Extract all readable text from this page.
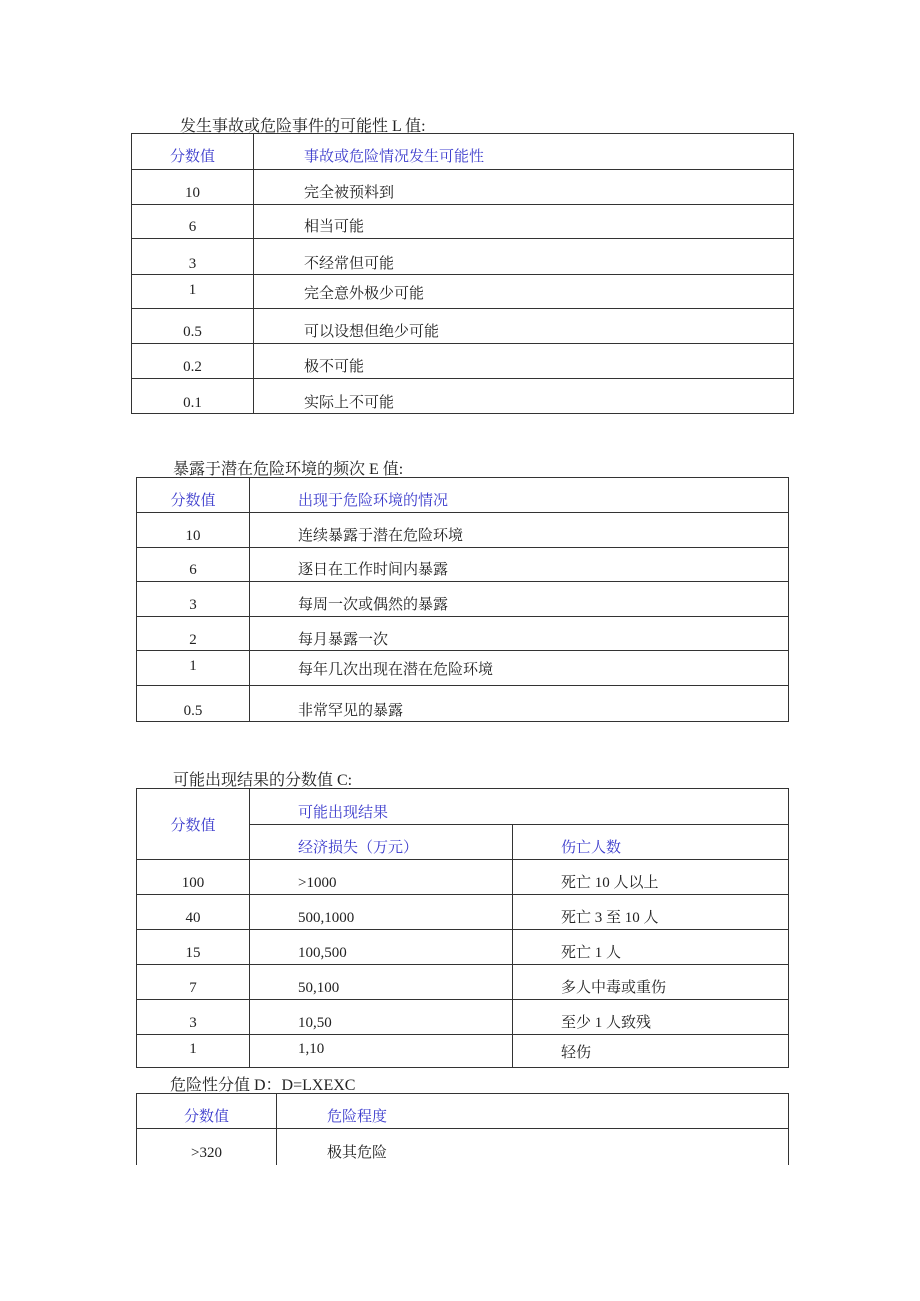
发生事故或危险事件的可能性 L 值:
分数值	事故或危险情况发生可能性
10	完全被预料到
6	相当可能
3	不经常但可能
1	完全意外极少可能
0.5	可以设想但绝少可能
0.2	极不可能
0.1	实际上不可能
暴露于潜在危险环境的频次 E 值:
分数值	出现于危险环境的情况
10	连续暴露于潜在危险环境
6	逐日在工作时间内暴露
3	每周一次或偶然的暴露
2	每月暴露一次
1	每年几次出现在潜在危险环境
0.5	非常罕见的暴露
可能出现结果的分数值 C:
分数值	可能出现结果	
	经济损失（万元）	伤亡人数
100	>1000	死亡 10 人以上
40	500,1000	死亡 3 至 10 人
15	100,500	死亡 1 人
7	50,100	多人中毒或重伤
3	10,50	至少 1 人致残
1	1,10	轻伤
危险性分值 D：D=LXEXC
分数值	危险程度
>320	极其危险
